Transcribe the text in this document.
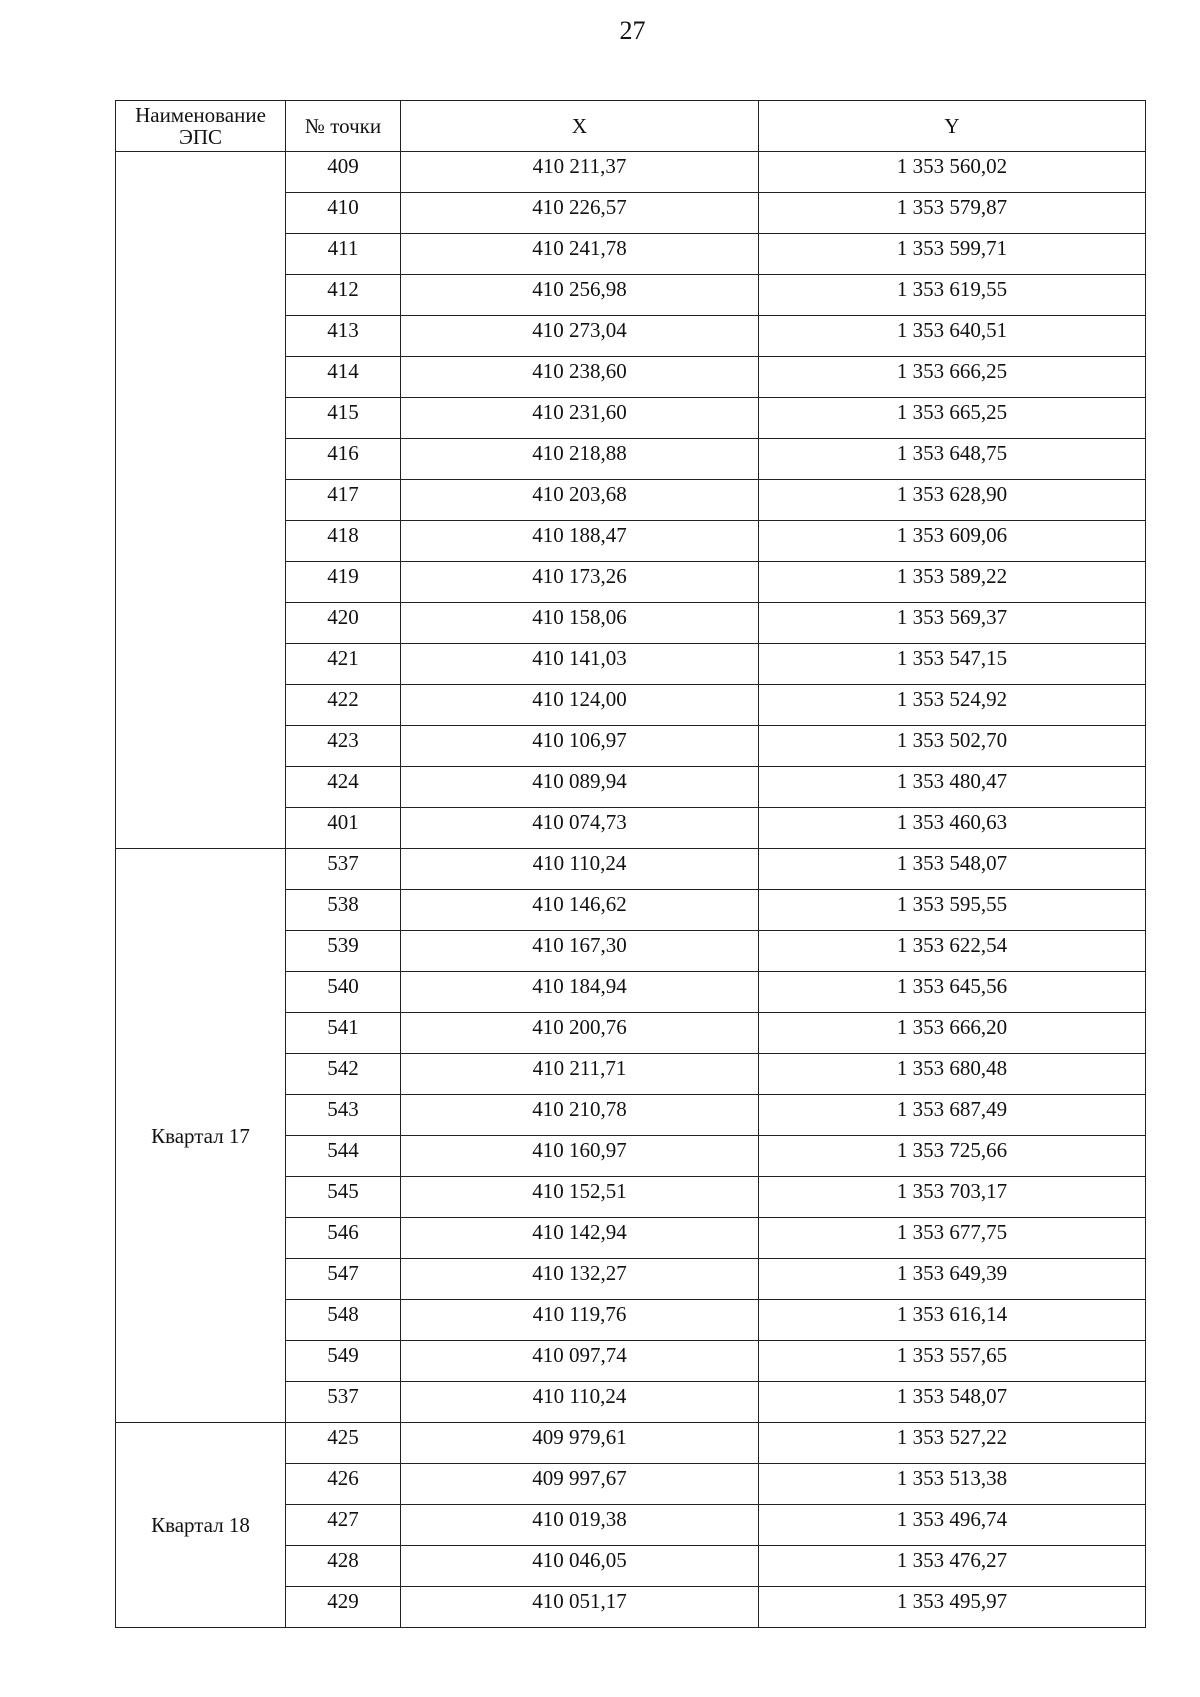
27
Наименование ЭПС	№ точки	X	Y
	409	410 211,37	1 353 560,02
	410	410 226,57	1 353 579,87
	411	410 241,78	1 353 599,71
	412	410 256,98	1 353 619,55
	413	410 273,04	1 353 640,51
	414	410 238,60	1 353 666,25
	415	410 231,60	1 353 665,25
	416	410 218,88	1 353 648,75
	417	410 203,68	1 353 628,90
	418	410 188,47	1 353 609,06
	419	410 173,26	1 353 589,22
	420	410 158,06	1 353 569,37
	421	410 141,03	1 353 547,15
	422	410 124,00	1 353 524,92
	423	410 106,97	1 353 502,70
	424	410 089,94	1 353 480,47
	401	410 074,73	1 353 460,63
Квартал 17	537	410 110,24	1 353 548,07
	538	410 146,62	1 353 595,55
	539	410 167,30	1 353 622,54
	540	410 184,94	1 353 645,56
	541	410 200,76	1 353 666,20
	542	410 211,71	1 353 680,48
	543	410 210,78	1 353 687,49
	544	410 160,97	1 353 725,66
	545	410 152,51	1 353 703,17
	546	410 142,94	1 353 677,75
	547	410 132,27	1 353 649,39
	548	410 119,76	1 353 616,14
	549	410 097,74	1 353 557,65
	537	410 110,24	1 353 548,07
Квартал 18	425	409 979,61	1 353 527,22
	426	409 997,67	1 353 513,38
	427	410 019,38	1 353 496,74
	428	410 046,05	1 353 476,27
	429	410 051,17	1 353 495,97
